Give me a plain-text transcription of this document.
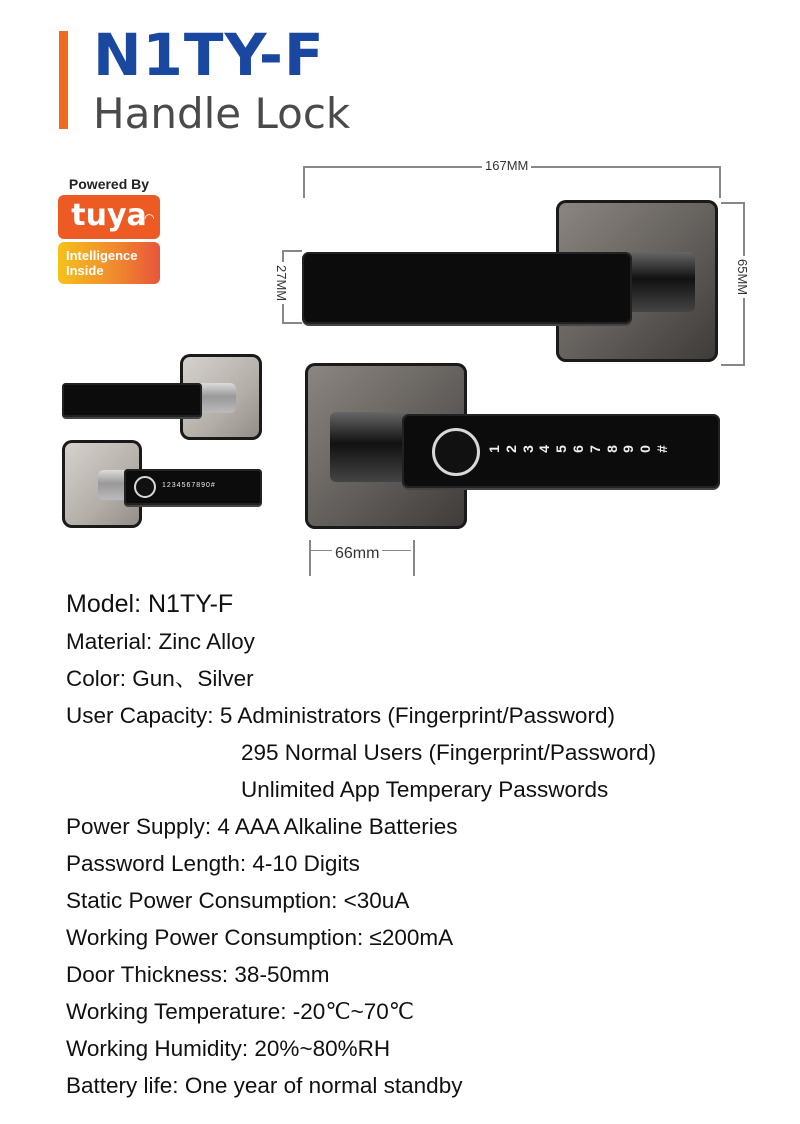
N1TY-F
Handle Lock
Powered By
tuya
◠
Intelligence
Inside
167MM
65MM
27MM
1 2 3 4 5 6 7 8 9 0 #
66mm
1234567890#
Model: N1TY-F
Material: Zinc Alloy
Color: Gun、Silver
User Capacity: 5 Administrators (Fingerprint/Password)
295 Normal Users (Fingerprint/Password)
Unlimited App Temperary Passwords
Power Supply: 4 AAA Alkaline Batteries
Password Length: 4-10 Digits
Static Power Consumption: <30uA
Working Power Consumption: ≤200mA
Door Thickness: 38-50mm
Working Temperature: -20℃~70℃
Working Humidity: 20%~80%RH
Battery life: One year of normal standby
